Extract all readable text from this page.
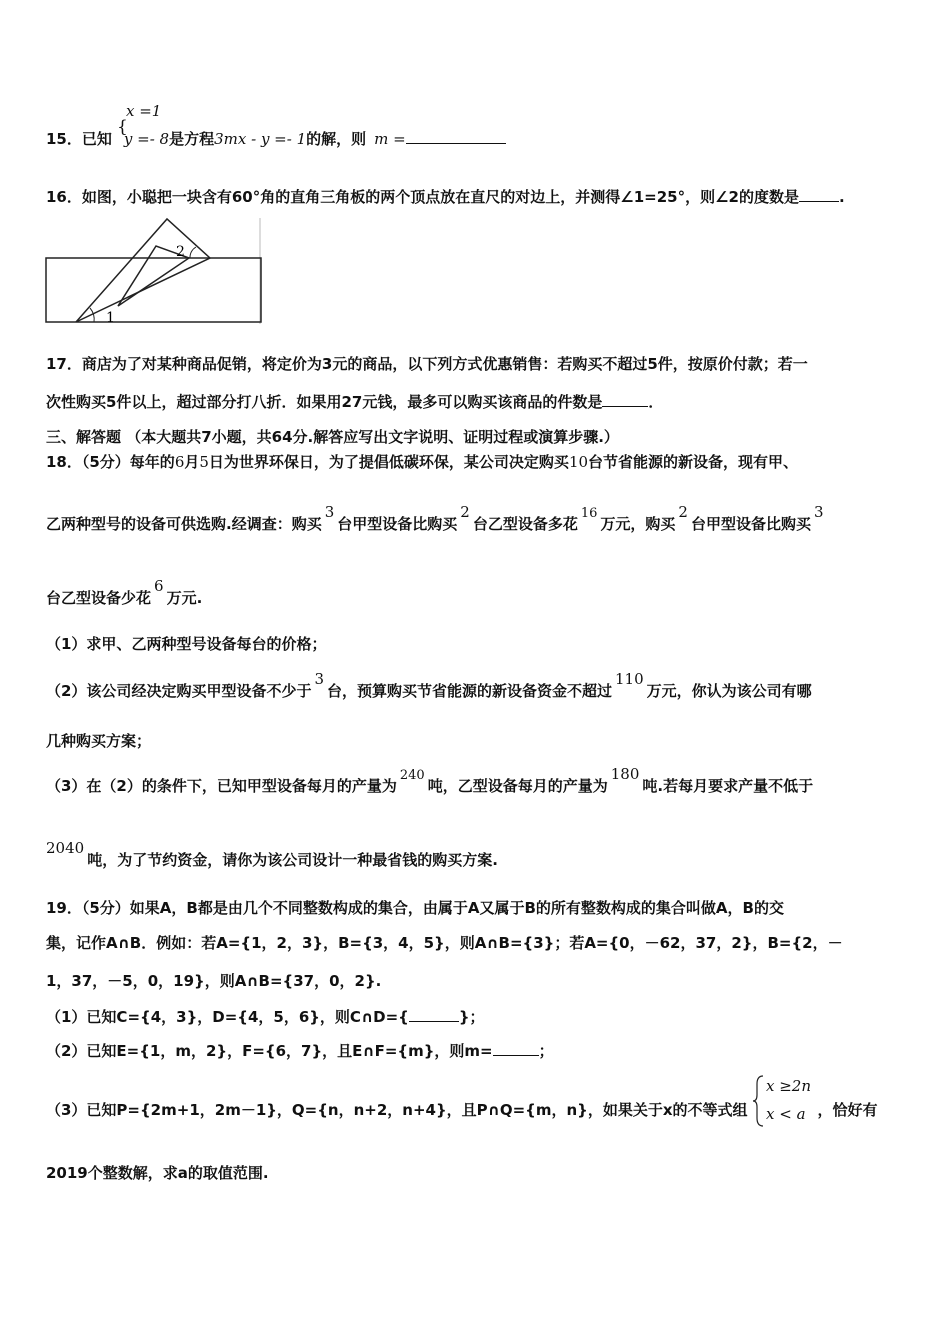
x =1
{
15．已知 y =- 8是方程3mx - y =- 1的解，则 m =
16．如图，小聪把一块含有60°角的直角三角板的两个顶点放在直尺的对边上，并测得∠1=25°，则∠2的度数是	.
1
2
17．商店为了对某种商品促销，将定价为3元的商品，以下列方式优惠销售：若购买不超过5件，按原价付款；若一
次性购买5件以上，超过部分打八折．如果用27元钱，最多可以购买该商品的件数是	．
三、解答题 （本大题共7小题，共64分.解答应写出文字说明、证明过程或演算步骤.）
18．（5分）每年的6月5日为世界环保日，为了提倡低碳环保，某公司决定购买10台节省能源的新设备，现有甲、
乙两种型号的设备可供选购.经调查：购买3台甲型设备比购买2台乙型设备多花16万元，购买2台甲型设备比购买3
台乙型设备少花6万元.
（1）求甲、乙两种型号设备每台的价格；
（2）该公司经决定购买甲型设备不少于3台，预算购买节省能源的新设备资金不超过110万元，你认为该公司有哪
几种购买方案；
（3）在（2）的条件下，已知甲型设备每月的产量为240吨，乙型设备每月的产量为180吨.若每月要求产量不低于
2040吨，为了节约资金，请你为该公司设计一种最省钱的购买方案.
19．（5分）如果A，B都是由几个不同整数构成的集合，由属于A又属于B的所有整数构成的集合叫做A，B的交
集，记作A∩B．例如：若A={1，2，3}，B={3，4，5}，则A∩B={3}；若A={0，－62，37，2}，B={2，－
1，37，－5，0，19}，则A∩B={37，0，2}.
（1）已知C={4，3}，D={4，5，6}，则C∩D={	}；
（2）已知E={1，m，2}，F={6，7}，且E∩F={m}，则m=	；
（3）已知P={2m+1，2m－1}，Q={n，n+2，n+4}，且P∩Q={m，n}，如果关于x的不等式组	，恰好有
x ≥2n
x < a
2019个整数解，求a的取值范围.
